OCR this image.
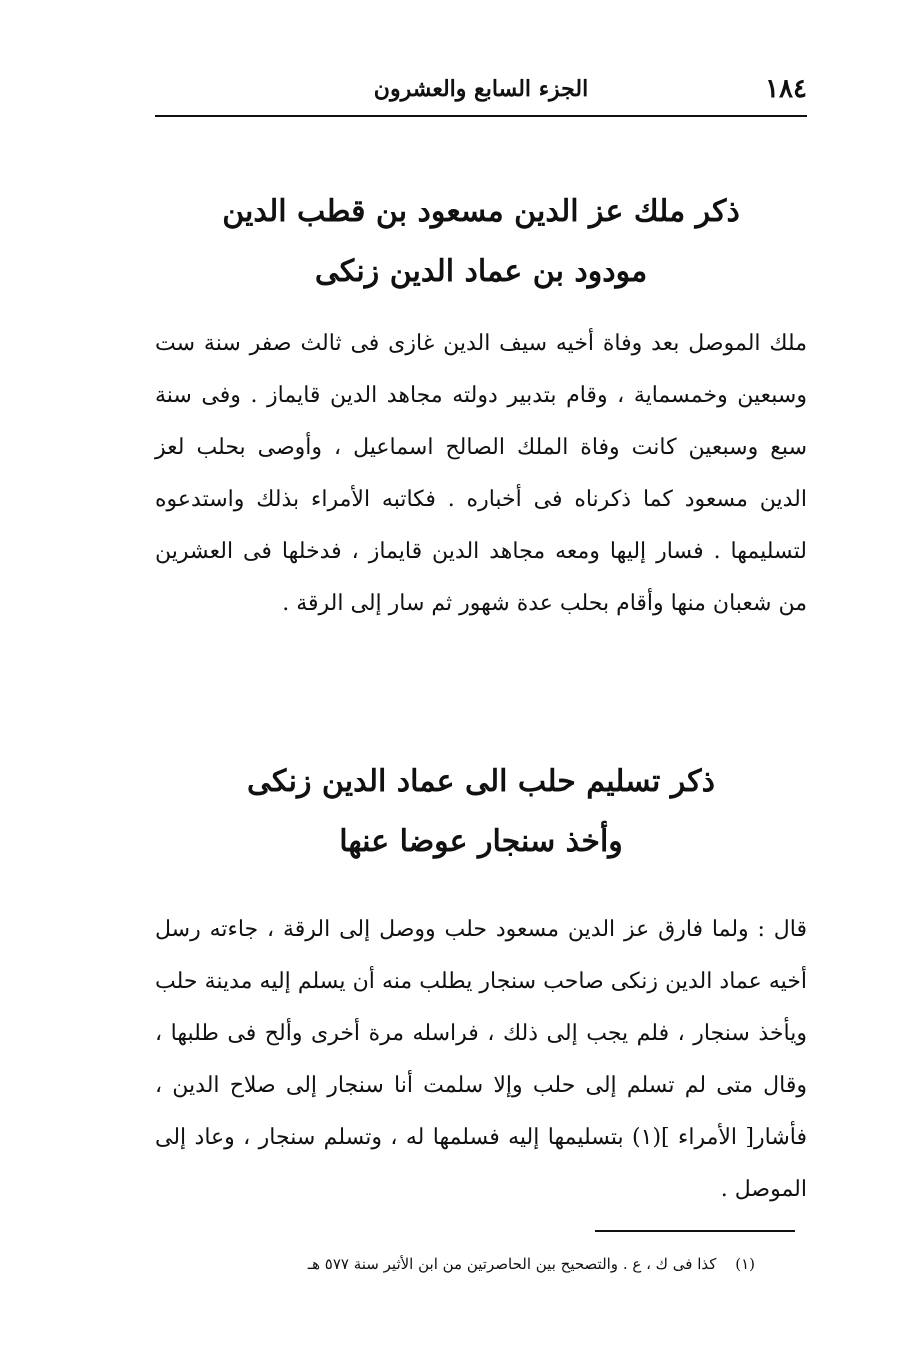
١٨٤
الجزء السابع والعشرون
ذكر ملك عز الدين مسعود بن قطب الدين
مودود بن عماد الدين زنكى

ملك الموصل بعد وفاة أخيه سيف الدين غازى فى ثالث صفر سنة ست وسبعين وخمسماية ، وقام بتدبير دولته مجاهد الدين قايماز . وفى سنة سبع وسبعين كانت وفاة الملك الصالح اسماعيل ، وأوصى بحلب لعز الدين مسعود كما ذكرناه فى أخباره . فكاتبه الأمراء بذلك واستدعوه لتسليمها . فسار إليها ومعه مجاهد الدين قايماز ، فدخلها فى العشرين من شعبان منها وأقام بحلب عدة شهور ثم سار إلى الرقة .

ذكر تسليم حلب الى عماد الدين زنكى
وأخذ سنجار عوضا عنها

قال : ولما فارق عز الدين مسعود حلب ووصل إلى الرقة ، جاءته رسل أخيه عماد الدين زنكى صاحب سنجار يطلب منه أن يسلم إليه مدينة حلب ويأخذ سنجار ، فلم يجب إلى ذلك ، فراسله مرة أخرى وألح فى طلبها ، وقال متى لم تسلم إلى حلب وإلا سلمت أنا سنجار إلى صلاح الدين ، فأشار[ الأمراء ](١) بتسليمها إليه فسلمها له ، وتسلم سنجار ، وعاد إلى الموصل .

(١) كذا فى ك ، ع . والتصحيح بين الحاصرتين من ابن الأثير سنة ٥٧٧ هـ
